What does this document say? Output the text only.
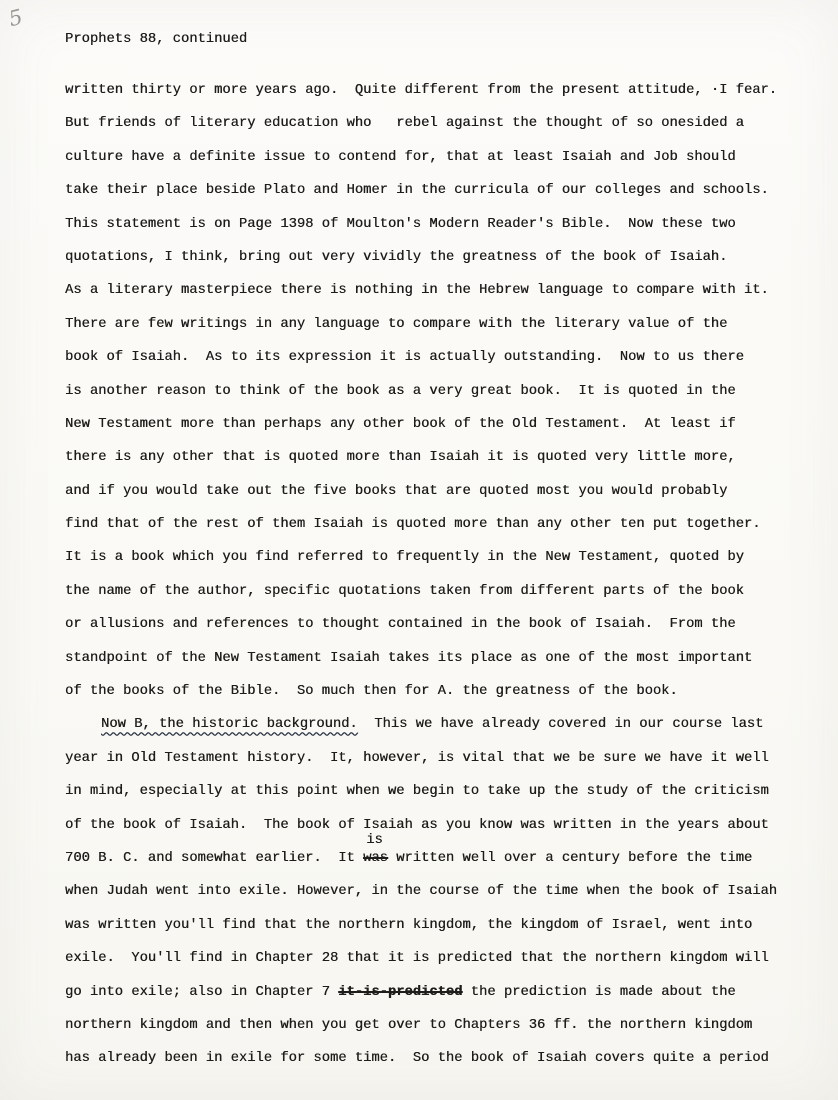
5
Prophets 88, continued
written thirty or more years ago.  Quite different from the present attitude, ·I fear.
But friends of literary education who   rebel against the thought of so onesided a
culture have a definite issue to contend for, that at least Isaiah and Job should
take their place beside Plato and Homer in the curricula of our colleges and schools.
This statement is on Page 1398 of Moulton's Modern Reader's Bible.  Now these two
quotations, I think, bring out very vividly the greatness of the book of Isaiah.
As a literary masterpiece there is nothing in the Hebrew language to compare with it.
There are few writings in any language to compare with the literary value of the
book of Isaiah.  As to its expression it is actually outstanding.  Now to us there
is another reason to think of the book as a very great book.  It is quoted in the
New Testament more than perhaps any other book of the Old Testament.  At least if
there is any other that is quoted more than Isaiah it is quoted very little more,
and if you would take out the five books that are quoted most you would probably
find that of the rest of them Isaiah is quoted more than any other ten put together.
It is a book which you find referred to frequently in the New Testament, quoted by
the name of the author, specific quotations taken from different parts of the book
or allusions and references to thought contained in the book of Isaiah.  From the
standpoint of the New Testament Isaiah takes its place as one of the most important
of the books of the Bible.  So much then for A. the greatness of the book.
Now B, the historic background.  This we have already covered in our course last
year in Old Testament history.  It, however, is vital that we be sure we have it well
in mind, especially at this point when we begin to take up the study of the criticism
of the book of Isaiah.  The book of Isaiah as you know was written in the years about
700 B. C. and somewhat earlier.  It was
is
written well over a century before the time
when Judah went into exile. However, in the course of the time when the book of Isaiah
was written you'll find that the northern kingdom, the kingdom of Israel, went into
exile.  You'll find in Chapter 28 that it is predicted that the northern kingdom will
go into exile; also in Chapter 7 it-is-predicted the prediction is made about the
northern kingdom and then when you get over to Chapters 36 ff. the northern kingdom
has already been in exile for some time.  So the book of Isaiah covers quite a period
